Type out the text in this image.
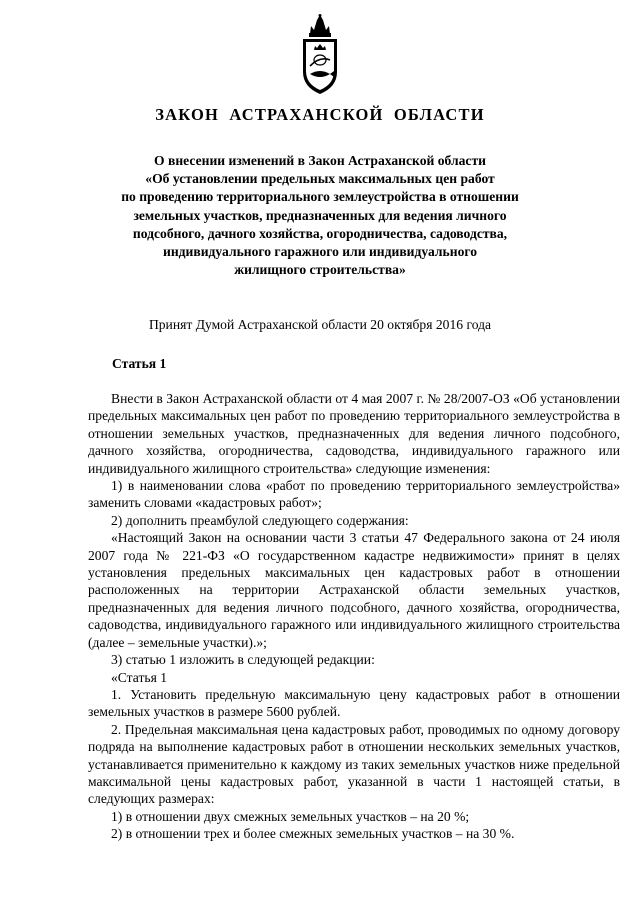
ЗАКОН АСТРАХАНСКОЙ ОБЛАСТИ
О внесении изменений в Закон Астраханской области
«Об установлении предельных максимальных цен работ
по проведению территориального землеустройства в отношении
земельных участков, предназначенных для ведения личного
подсобного, дачного хозяйства, огородничества, садоводства,
индивидуального гаражного или индивидуального
жилищного строительства»
Принят Думой Астраханской области 20 октября 2016 года
Статья 1

Внести в Закон Астраханской области от 4 мая 2007 г. № 28/2007-ОЗ «Об установлении предельных максимальных цен работ по проведению территориального землеустройства в отношении земельных участков, предназначенных для ведения личного подсобного, дачного хозяйства, огородничества, садоводства, индивидуального гаражного или индивидуального жилищного строительства» следующие изменения:

1) в наименовании слова «работ по проведению территориального землеустройства» заменить словами «кадастровых работ»;

2) дополнить преамбулой следующего содержания:

«Настоящий Закон на основании части 3 статьи 47 Федерального закона от 24 июля 2007 года № 221-ФЗ «О государственном кадастре недвижимости» принят в целях установления предельных максимальных цен кадастровых работ в отношении расположенных на территории Астраханской области земельных участков, предназначенных для ведения личного подсобного, дачного хозяйства, огородничества, садоводства, индивидуального гаражного или индивидуального жилищного строительства (далее – земельные участки).»;

3) статью 1 изложить в следующей редакции:

«Статья 1

1. Установить предельную максимальную цену кадастровых работ в отношении земельных участков в размере 5600 рублей.

2. Предельная максимальная цена кадастровых работ, проводимых по одному договору подряда на выполнение кадастровых работ в отношении нескольких земельных участков, устанавливается применительно к каждому из таких земельных участков ниже предельной максимальной цены кадастровых работ, указанной в части 1 настоящей статьи, в следующих размерах:

1) в отношении двух смежных земельных участков – на 20 %;

2) в отношении трех и более смежных земельных участков – на 30 %.
